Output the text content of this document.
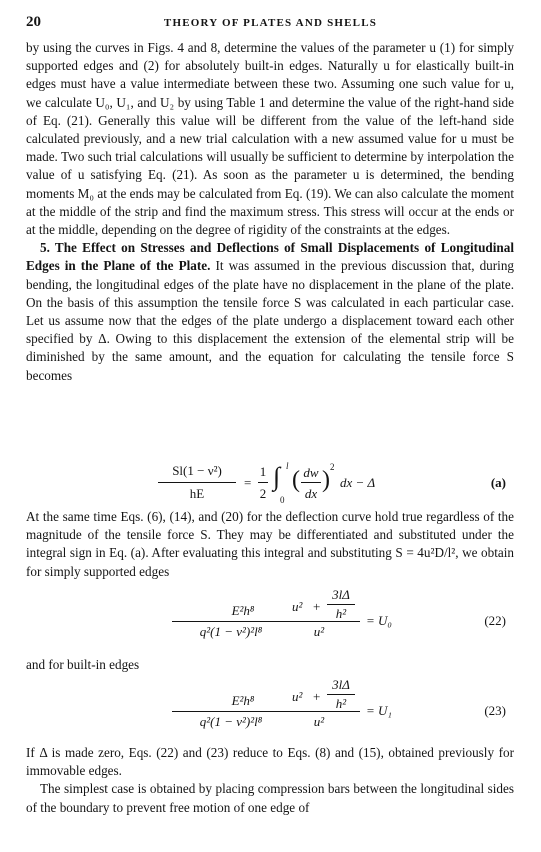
20	THEORY OF PLATES AND SHELLS

by using the curves in Figs. 4 and 8, determine the values of the parameter u (1) for simply supported edges and (2) for absolutely built-in edges. Naturally u for elastically built-in edges must have a value intermediate between these two. Assuming one such value for u, we calculate U₀, U₁, and U₂ by using Table 1 and determine the value of the right-hand side of Eq. (21). Generally this value will be different from the value of the left-hand side calculated previously, and a new trial calculation with a new assumed value for u must be made. Two such trial calculations will usually be sufficient to determine by interpolation the value of u satisfying Eq. (21). As soon as the parameter u is determined, the bending moments M₀ at the ends may be calculated from Eq. (19). We can also calculate the moment at the middle of the strip and find the maximum stress. This stress will occur at the ends or at the middle, depending on the degree of rigidity of the constraints at the edges.

5. The Effect on Stresses and Deflections of Small Displacements of Longitudinal Edges in the Plane of the Plate. It was assumed in the previous discussion that, during bending, the longitudinal edges of the plate have no displacement in the plane of the plate. On the basis of this assumption the tensile force S was calculated in each particular case. Let us assume now that the edges of the plate undergo a displacement toward each other specified by Δ. Owing to this displacement the extension of the elemental strip will be diminished by the same amount, and the equation for calculating the tensile force S becomes

Sl(1 − ν²)
hE
=
1
2
∫ l
0
( dw
dx
) 2
dx − Δ	(a)

At the same time Eqs. (6), (14), and (20) for the deflection curve hold true regardless of the magnitude of the tensile force S. They may be differentiated and substituted under the integral sign in Eq. (a). After evaluating this integral and substituting S = 4u²D/l², we obtain for simply supported edges

u² +
3lΔ
h²
E²h⁸
q²(1 − ν²)²l⁸	u²
= U₀	(22)

and for built-in edges

u² +
3lΔ
h²
E²h⁸
q²(1 − ν²)²l⁸	u²
= U₁	(23)

If Δ is made zero, Eqs. (22) and (23) reduce to Eqs. (8) and (15), obtained previously for immovable edges.

The simplest case is obtained by placing compression bars between the longitudinal sides of the boundary to prevent free motion of one edge of
